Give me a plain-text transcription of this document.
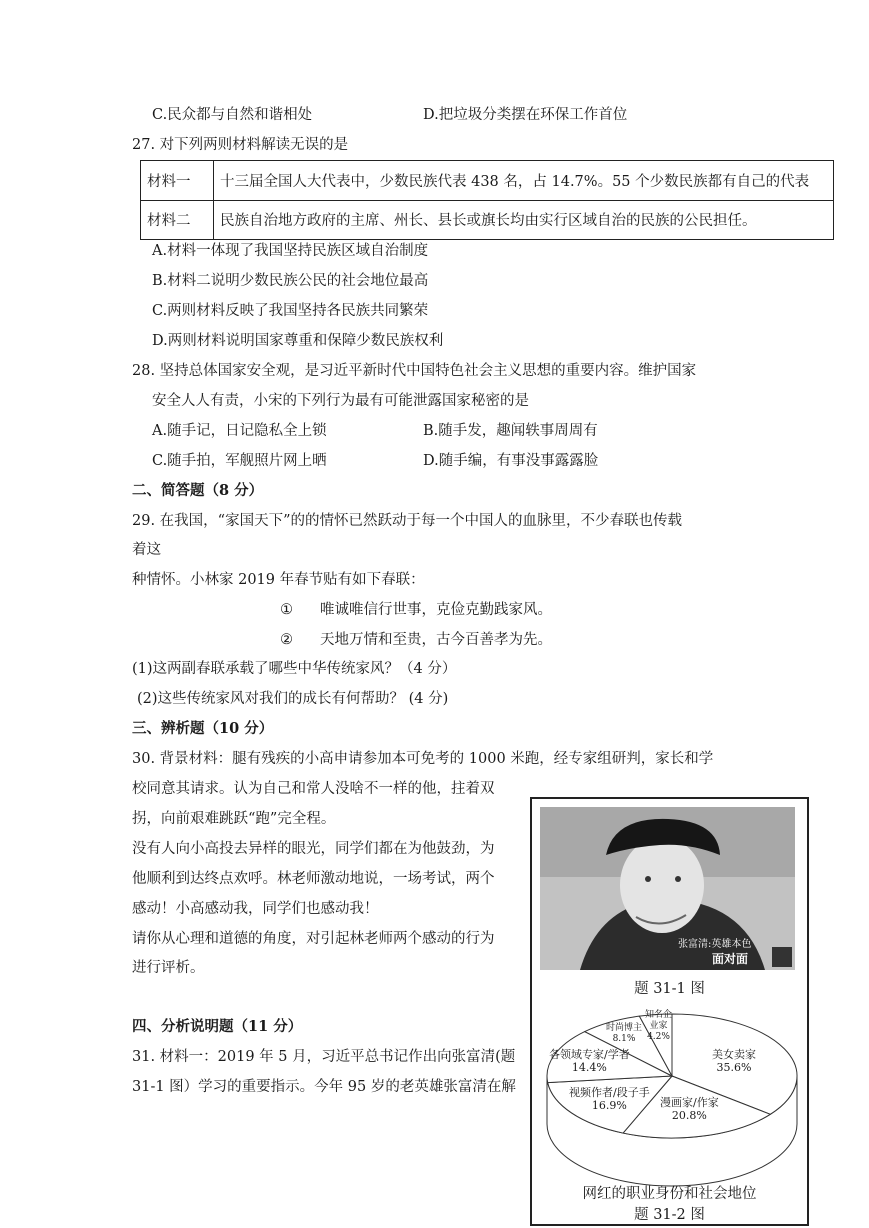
C.民众都与自然和谐相处	D.把垃圾分类摆在环保工作首位
27. 对下列两则材料解读无误的是
材料一	十三届全国人大代表中，少数民族代表 438 名，占 14.7%。55 个少数民族都有自己的代表
材料二	民族自治地方政府的主席、州长、县长或旗长均由实行区域自治的民族的公民担任。
A.材料一体现了我国坚持民族区域自治制度
B.材料二说明少数民族公民的社会地位最高
C.两则材料反映了我国坚持各民族共同繁荣
D.两则材料说明国家尊重和保障少数民族权利
28. 坚持总体国家安全观，是习近平新时代中国特色社会主义思想的重要内容。维护国家
安全人人有责，小宋的下列行为最有可能泄露国家秘密的是
A.随手记，日记隐私全上锁	B.随手发，趣闻轶事周周有
C.随手拍，军舰照片网上晒	D.随手编，有事没事露露脸
二、简答题（8 分）
29. 在我国，“家国天下”的的情怀已然跃动于每一个中国人的血脉里，不少春联也传载
着这
种情怀。小林家 2019 年春节贴有如下春联：
① 唯诚唯信行世事，克俭克勤践家风。
② 天地万情和至贵，古今百善孝为先。
(1)这两副春联承载了哪些中华传统家风？（4 分）
(2)这些传统家风对我们的成长有何帮助？ (4 分)
三、辨析题（10 分）
30. 背景材料：腿有残疾的小高申请参加本可免考的 1000 米跑，经专家组研判，家长和学
校同意其请求。认为自己和常人没啥不一样的他，拄着双
拐，向前艰难跳跃“跑”完全程。
没有人向小高投去异样的眼光，同学们都在为他鼓劲，为
他顺利到达终点欢呼。林老师激动地说，一场考试，两个
感动！小高感动我，同学们也感动我！
请你从心理和道德的角度，对引起林老师两个感动的行为
进行评析。
四、分析说明题（11 分）
31. 材料一：2019 年 5 月，习近平总书记作出向张富清(题
31-1 图）学习的重要指示。今年 95 岁的老英雄张富清在解
张富清:英雄本色
面对面
题 31-1 图
美女卖家
35.6%
漫画家/作家
20.8%
视频作者/段子手
16.9%
各领域专家/学者
14.4%
时尚博主
8.1%
知名企
业家
4.2%
网红的职业身份和社会地位
题 31-2 图
